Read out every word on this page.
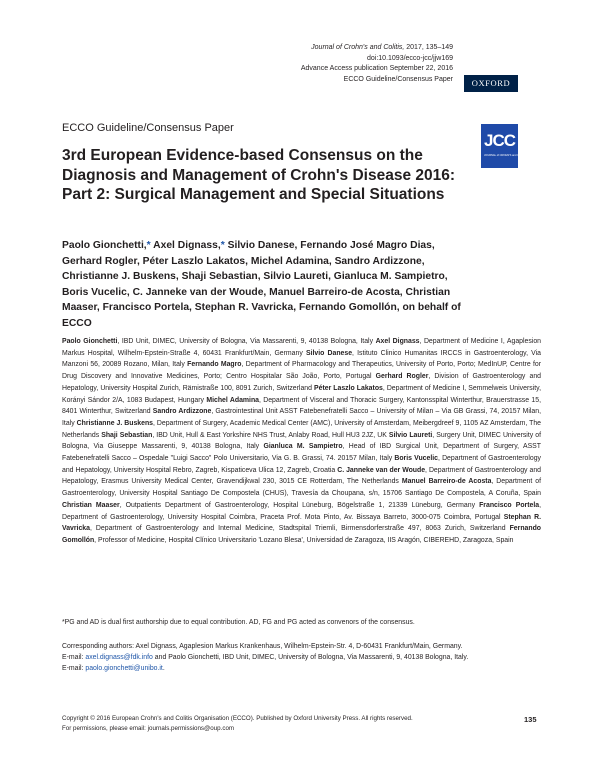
Journal of Crohn's and Colitis, 2017, 135–149
doi:10.1093/ecco-jcc/jjw169
Advance Access publication September 22, 2016
ECCO Guideline/Consensus Paper	OXFORD
JCC
JOURNAL of CROHN'S and COLITIS
ECCO Guideline/Consensus Paper
3rd European Evidence-based Consensus on the Diagnosis and Management of Crohn's Disease 2016: Part 2: Surgical Management and Special Situations
Paolo Gionchetti,* Axel Dignass,* Silvio Danese, Fernando José Magro Dias, Gerhard Rogler, Péter Laszlo Lakatos, Michel Adamina, Sandro Ardizzone, Christianne J. Buskens, Shaji Sebastian, Silvio Laureti, Gianluca M. Sampietro, Boris Vucelic, C. Janneke van der Woude, Manuel Barreiro-de Acosta, Christian Maaser, Francisco Portela, Stephan R. Vavricka, Fernando Gomollón, on behalf of ECCO
Paolo Gionchetti, IBD Unit, DIMEC, University of Bologna, Via Massarenti, 9, 40138 Bologna, Italy Axel Dignass, Department of Medicine I, Agaplesion Markus Hospital, Wilhelm-Epstein-Straße 4, 60431 Frankfurt/Main, Germany Silvio Danese, Istituto Clinico Humanitas IRCCS in Gastroenterology, Via Manzoni 56, 20089 Rozano, Milan, Italy Fernando Magro, Department of Pharmacology and Therapeutics, University of Porto, Porto; MedInUP, Centre for Drug Discovery and Innovative Medicines, Porto; Centro Hospitalar São João, Porto, Portugal Gerhard Rogler, Division of Gastroenterology and Hepatology, University Hospital Zurich, Rämistraße 100, 8091 Zurich, Switzerland Péter Laszlo Lakatos, Department of Medicine I, Semmelweis University, Korányi Sándor 2/A, 1083 Budapest, Hungary Michel Adamina, Department of Visceral and Thoracic Surgery, Kantonsspital Winterthur, Brauerstrasse 15, 8401 Winterthur, Switzerland Sandro Ardizzone, Gastrointestinal Unit ASST Fatebenefratelli Sacco – University of Milan – Via GB Grassi, 74, 20157 Milan, Italy Christianne J. Buskens, Department of Surgery, Academic Medical Center (AMC), University of Amsterdam, Meibergdreef 9, 1105 AZ Amsterdam, The Netherlands Shaji Sebastian, IBD Unit, Hull & East Yorkshire NHS Trust, Anlaby Road, Hull HU3 2JZ, UK Silvio Laureti, Surgery Unit, DIMEC University of Bologna, Via Giuseppe Massarenti, 9, 40138 Bologna, Italy Gianluca M. Sampietro, Head of IBD Surgical Unit, Department of Surgery, ASST Fatebenefratelli Sacco – Ospedale "Luigi Sacco" Polo Universitario, Via G. B. Grassi, 74. 20157 Milan, Italy Boris Vucelic, Department of Gastroenterology and Hepatology, University Hospital Rebro, Zagreb, Kispaticeva Ulica 12, Zagreb, Croatia C. Janneke van der Woude, Department of Gastroenterology and Hepatology, Erasmus University Medical Center, Gravendijkwal 230, 3015 CE Rotterdam, The Netherlands Manuel Barreiro-de Acosta, Department of Gastroenterology, University Hospital Santiago De Compostela (CHUS), Travesía da Choupana, s/n, 15706 Santiago De Compostela, A Coruña, Spain Christian Maaser, Outpatients Department of Gastroenterology, Hospital Lüneburg, Bögelstraße 1, 21339 Lüneburg, Germany Francisco Portela, Department of Gastroenterology, University Hospital Coimbra, Praceta Prof. Mota Pinto, Av. Bissaya Barreto, 3000-075 Coimbra, Portugal Stephan R. Vavricka, Department of Gastroenterology and Internal Medicine, Stadtspital Triemli, Birmensdorferstraße 497, 8063 Zurich, Switzerland Fernando Gomollón, Professor of Medicine, Hospital Clínico Universitario 'Lozano Blesa', Universidad de Zaragoza, IIS Aragón, CIBEREHD, Zaragoza, Spain
*PG and AD is dual first authorship due to equal contribution. AD, FG and PG acted as convenors of the consensus.
Corresponding authors: Axel Dignass, Agaplesion Markus Krankenhaus, Wilhelm-Epstein-Str. 4, D-60431 Frankfurt/Main, Germany.
E-mail: axel.dignass@fdk.info and Paolo Gionchetti, IBD Unit, DIMEC, University of Bologna, Via Massarenti, 9, 40138 Bologna, Italy.
E-mail: paolo.gionchetti@unibo.it.
Copyright © 2016 European Crohn's and Colitis Organisation (ECCO). Published by Oxford University Press. All rights reserved.
For permissions, please email: journals.permissions@oup.com
135
